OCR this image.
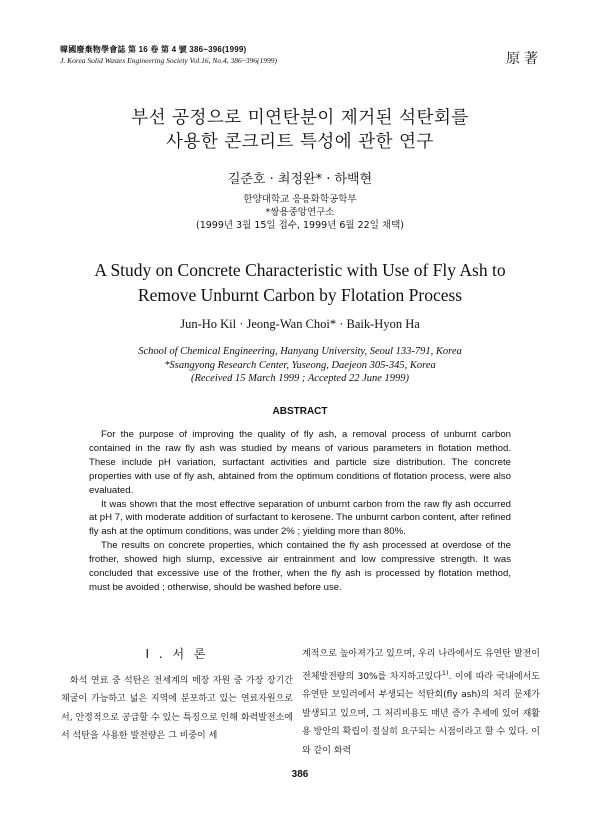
韓國廢棄物學會誌 第 16 卷 第 4 號 386~396(1999)
J. Korea Solid Wastes Engineering Society Vol.16, No.4, 386~396(1999)	原著
부선 공정으로 미연탄분이 제거된 석탄회를
사용한 콘크리트 특성에 관한 연구
길준호 · 최정완* · 하백현
한양대학교 응용화학공학부
*쌍용중앙연구소
(1999년 3월 15일 접수, 1999년 6월 22일 채택)
A Study on Concrete Characteristic with Use of Fly Ash to
Remove Unburnt Carbon by Flotation Process
Jun-Ho Kil · Jeong-Wan Choi* · Baik-Hyon Ha
School of Chemical Engineering, Hanyang University, Seoul 133-791, Korea
*Ssangyong Research Center, Yuseong, Daejeon 305-345, Korea
(Received 15 March 1999 ; Accepted 22 June 1999)
ABSTRACT

For the purpose of improving the quality of fly ash, a removal process of unburnt carbon contained in the raw fly ash was studied by means of various parameters in flotation method. These include pH variation, surfactant activities and particle size distribution. The concrete properties with use of fly ash, abtained from the optimum conditions of flotation process, were also evaluated.

It was shown that the most effective separation of unburnt carbon from the raw fly ash occurred at pH 7, with moderate addition of surfactant to kerosene. The unburnt carbon content, after refined fly ash at the optimum conditions, was under 2% ; yielding more than 80%.

The results on concrete properties, which contained the fly ash processed at overdose of the frother, showed high slump, excessive air entrainment and low compressive strength. It was concluded that excessive use of the frother, when the fly ash is processed by flotation method, must be avoided ; otherwise, should be washed before use.

I . 서 론

화석 연료 중 석탄은 전세계의 매장 자원 중 가장 장기간 채굴이 가능하고 넓은 지역에 분포하고 있는 연료자원으로서, 안정적으로 공급할 수 있는 특징으로 인해 화력발전소에서 석탄을 사용한 발전량은 그 비중이 세

계적으로 높아져가고 있으며, 우리 나라에서도 유연탄 발전이 전체발전량의 30%를 차지하고있다$^{1)}$. 이에 따라 국내에서도 유연탄 보일러에서 부생되는 석탄회(fly ash)의 처리 문제가 발생되고 있으며, 그 처리비용도 매년 증가 추세에 있어 재활용 방안의 확립이 절실히 요구되는 시점이라고 할 수 있다. 이와 같이 화력

386
